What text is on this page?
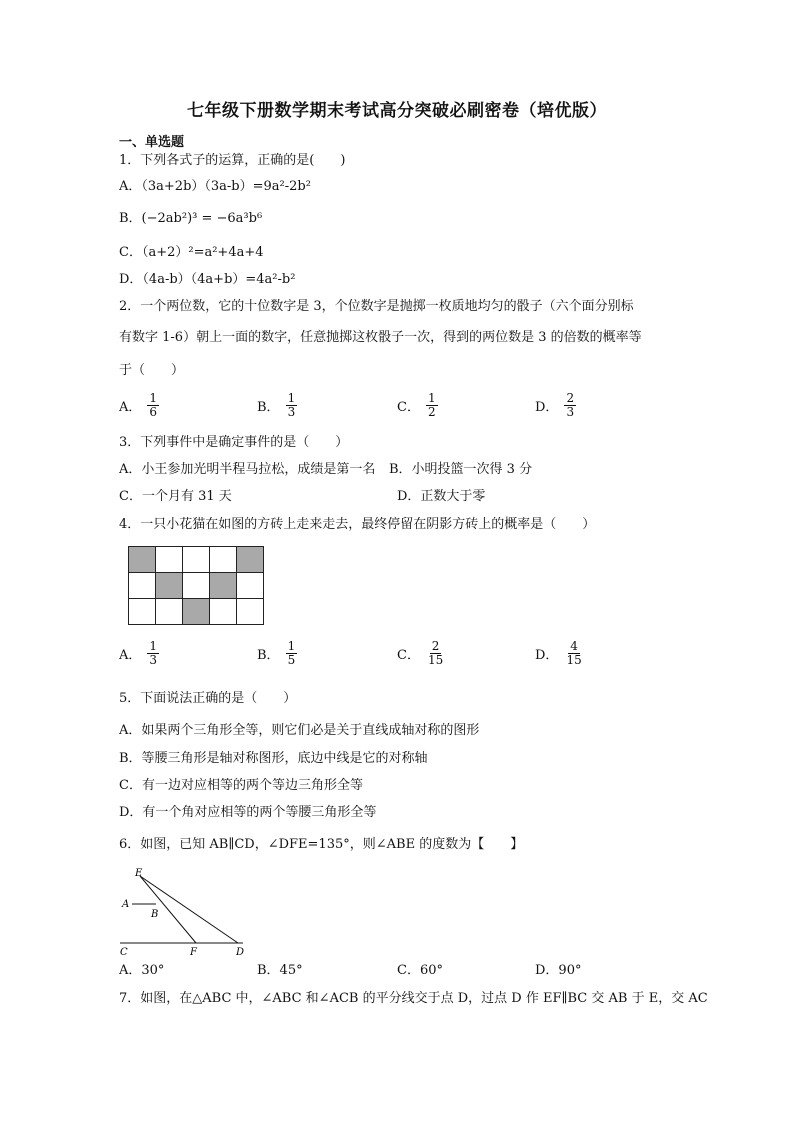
七年级下册数学期末考试高分突破必刷密卷（培优版）
一、单选题
1．下列各式子的运算，正确的是(　　)
A．（3a+2b）（3a-b）=9a²-2b²
B．(−2ab²)³ = −6a³b⁶
C．（a+2）²=a²+4a+4
D．（4a-b）（4a+b）=4a²-b²
2．一个两位数，它的十位数字是 3，个位数字是抛掷一枚质地均匀的骰子（六个面分别标
有数字 1-6）朝上一面的数字，任意抛掷这枚骰子一次，得到的两位数是 3 的倍数的概率等
于（　　）
A． $\frac{1}{6}$	B． $\frac{1}{3}$	C． $\frac{1}{2}$	D． $\frac{2}{3}$
3．下列事件中是确定事件的是（　　）
A．小王参加光明半程马拉松，成绩是第一名 B．小明投篮一次得 3 分
C．一个月有 31 天	D．正数大于零
4．一只小花猫在如图的方砖上走来走去，最终停留在阴影方砖上的概率是（　　）

A． $\frac{1}{3}$	B． $\frac{1}{5}$	C． $\frac{2}{15}$	D． $\frac{4}{15}$
5．下面说法正确的是（　　）
A．如果两个三角形全等，则它们必是关于直线成轴对称的图形
B．等腰三角形是轴对称图形，底边中线是它的对称轴
C．有一边对应相等的两个等边三角形全等
D．有一个角对应相等的两个等腰三角形全等
6．如图，已知 AB∥CD，∠DFE=135°，则∠ABE 的度数为【　　】
E
A
B
C	F	D
A．30°	B．45°	C．60°	D．90°
7．如图，在△ABC 中，∠ABC 和∠ACB 的平分线交于点 D，过点 D 作 EF∥BC 交 AB 于 E，交 AC
